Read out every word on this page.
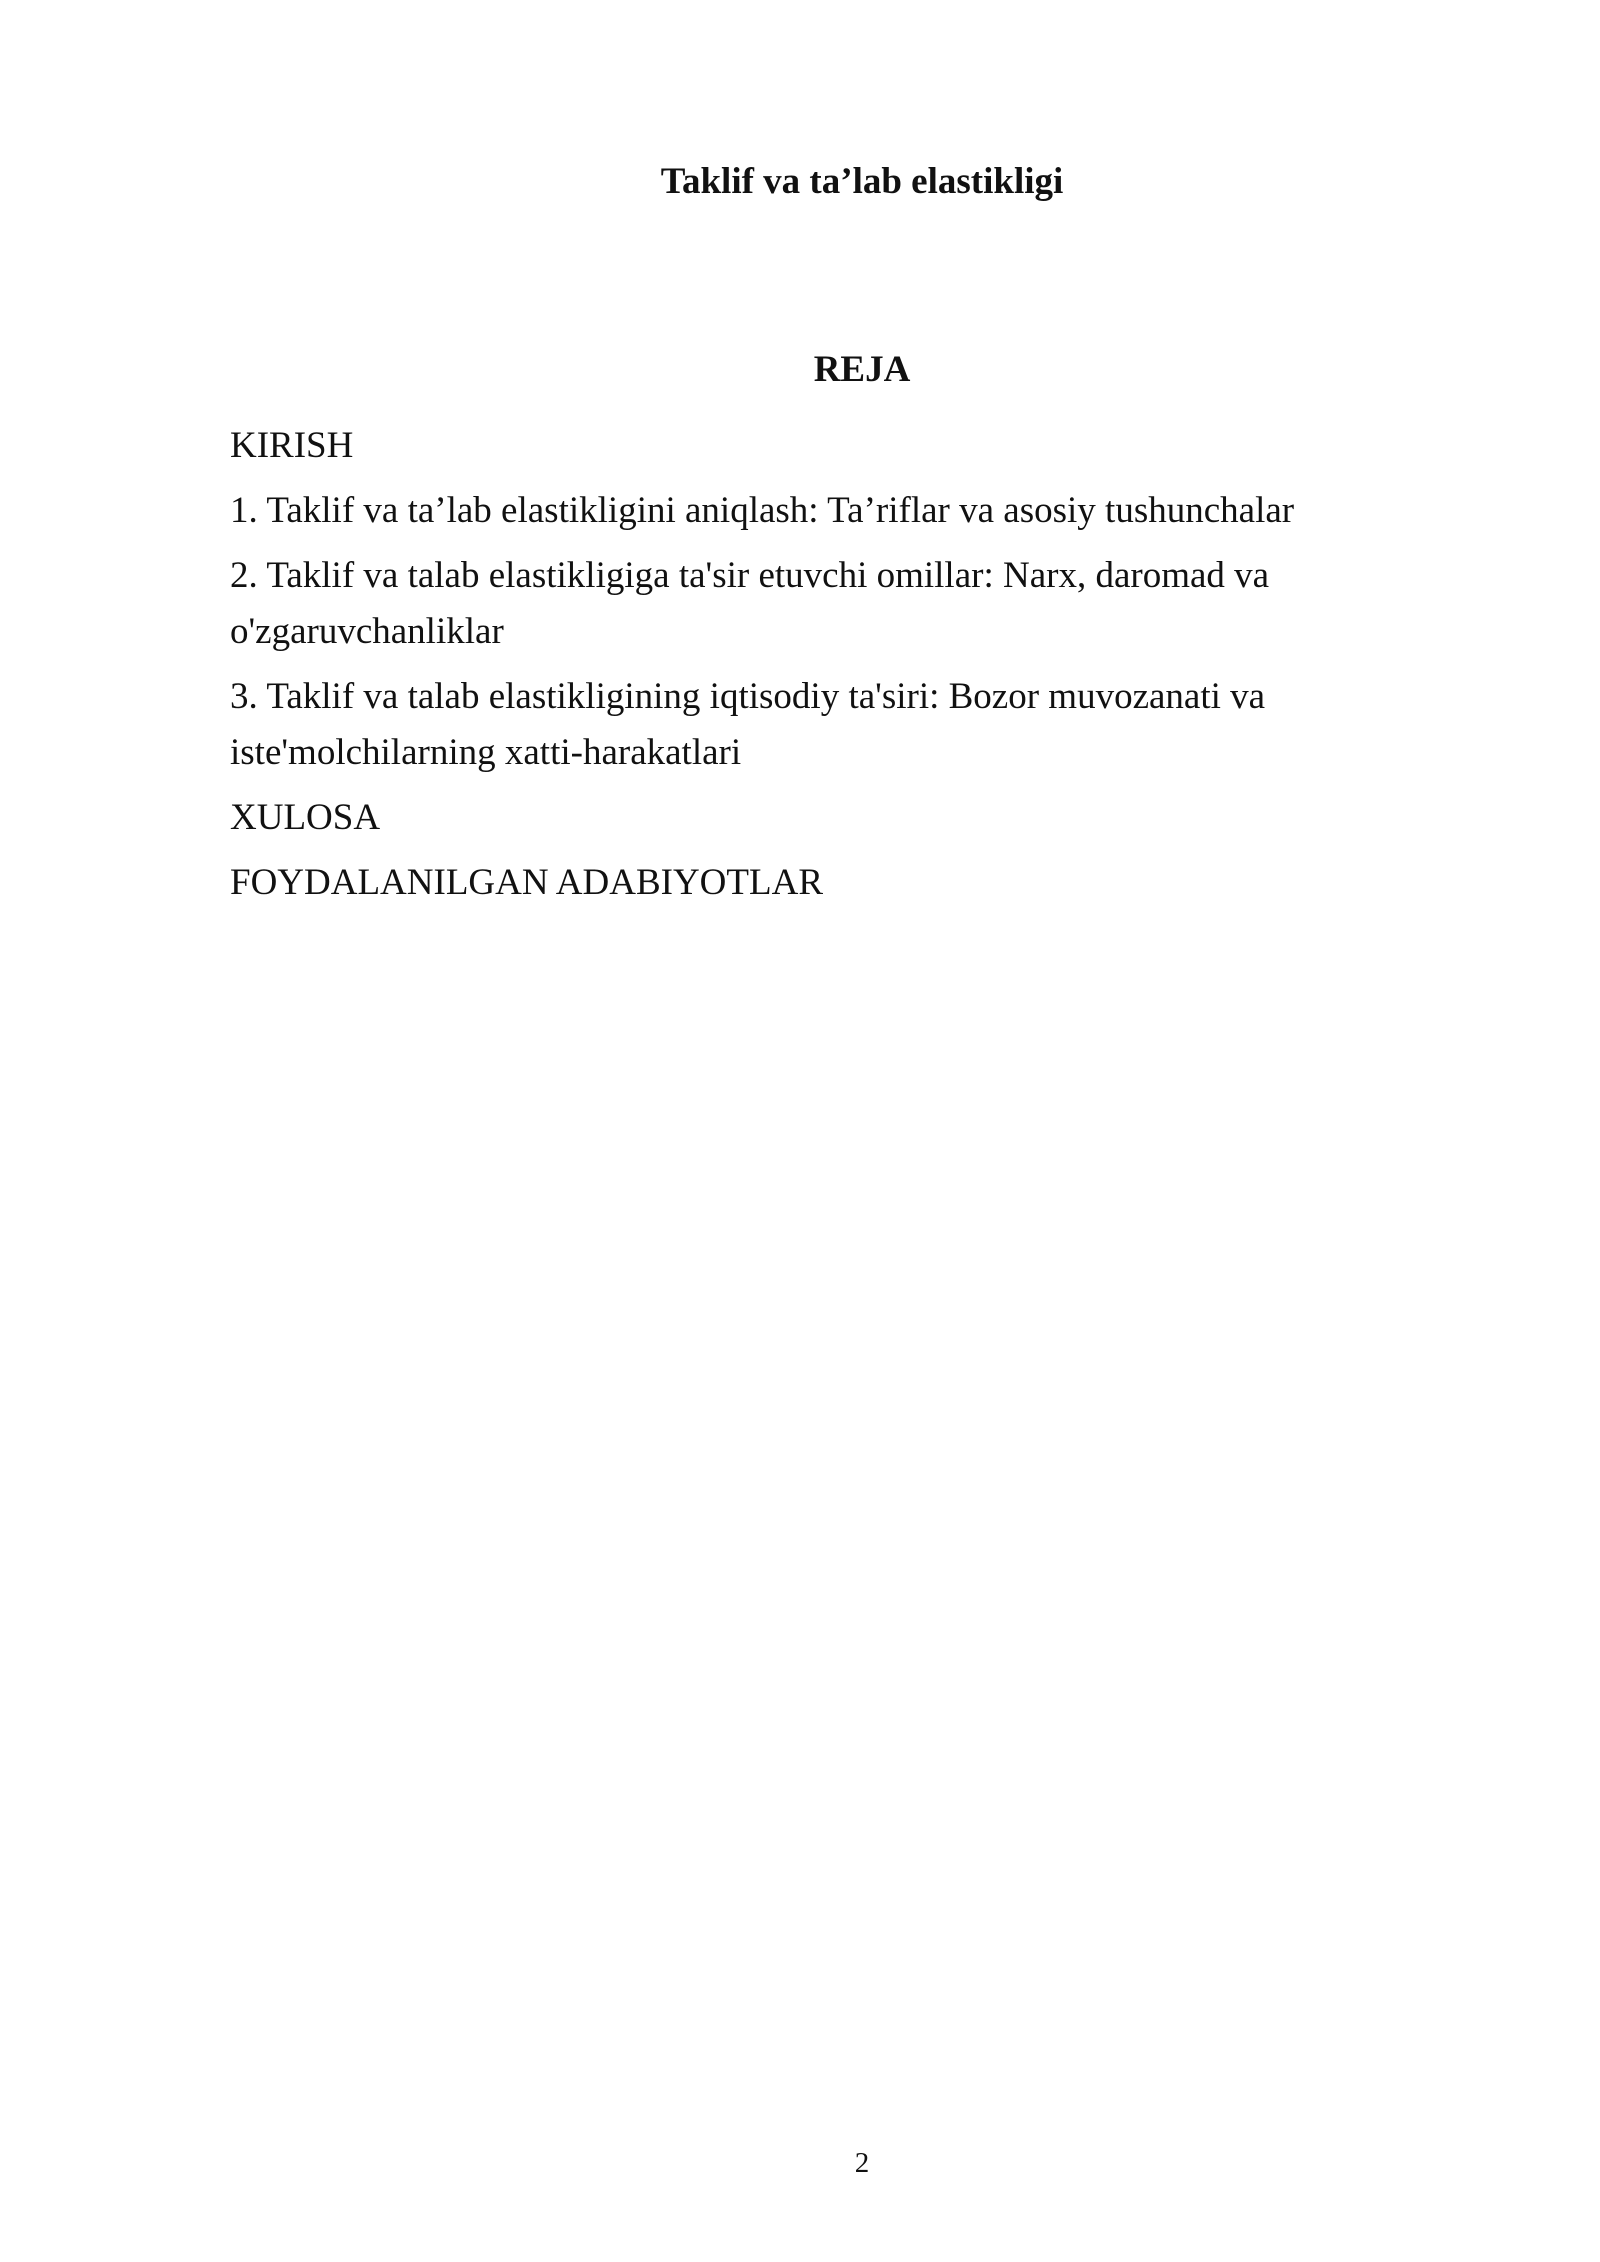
Taklif va ta’lab elastikligi
REJA
KIRISH
1. Taklif va ta’lab elastikligini aniqlash: Ta’riflar va asosiy tushunchalar
2. Taklif va talab elastikligiga ta'sir etuvchi omillar: Narx, daromad va o'zgaruvchanliklar
3. Taklif va talab elastikligining iqtisodiy ta'siri: Bozor muvozanati va iste'molchilarning xatti-harakatlari
XULOSA
FOYDALANILGAN ADABIYOTLAR
2
